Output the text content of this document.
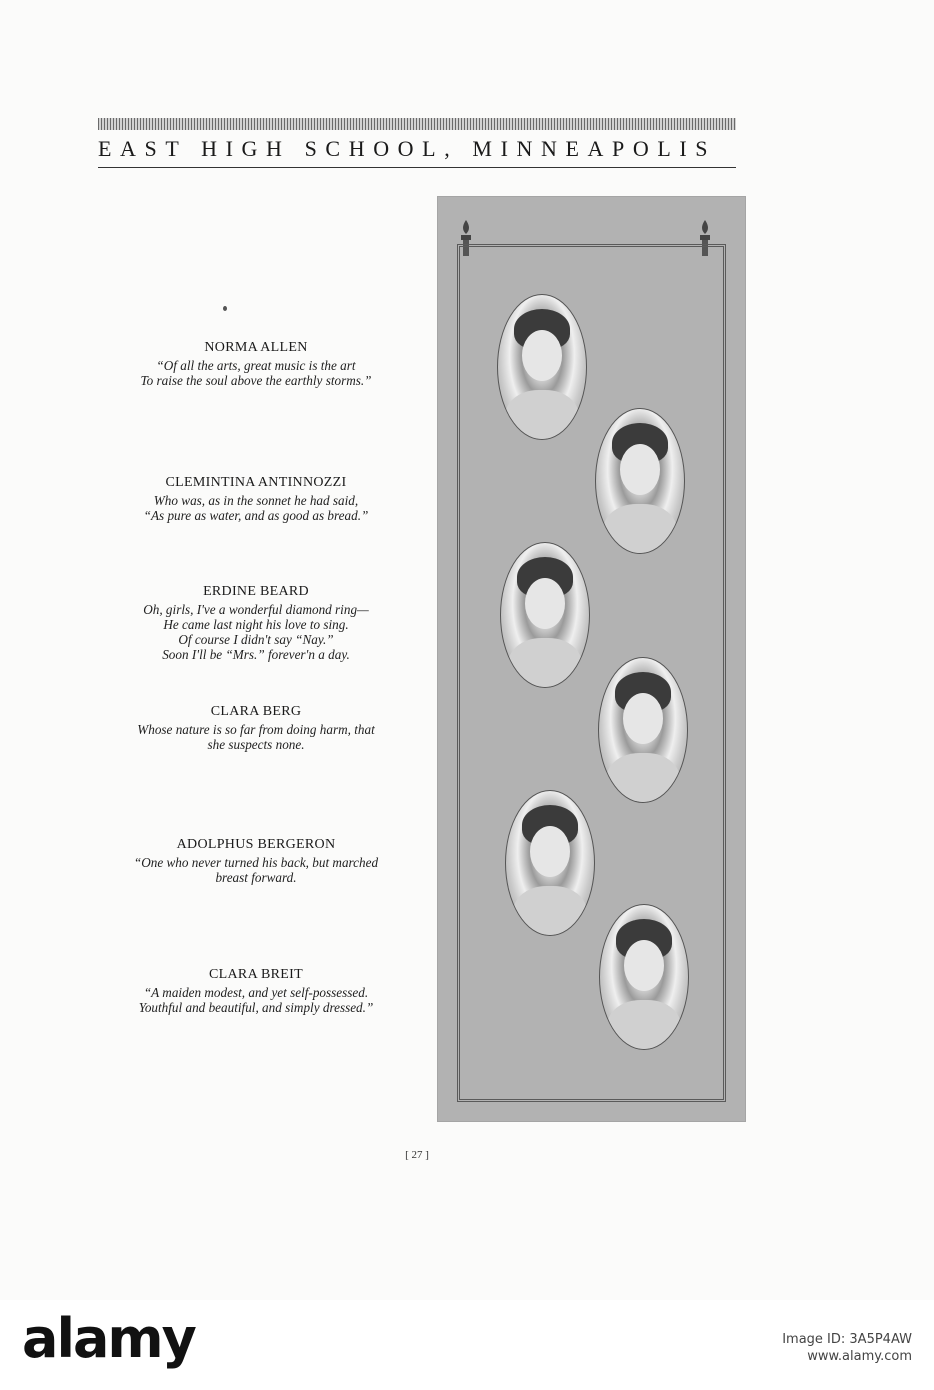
EAST HIGH SCHOOL, MINNEAPOLIS
NORMA ALLEN

“Of all the arts, great music is the art

To raise the soul above the earthly storms.”

CLEMINTINA ANTINNOZZI

Who was, as in the sonnet he had said,

“As pure as water, and as good as bread.”

ERDINE BEARD

Oh, girls, I've a wonderful diamond ring—

He came last night his love to sing.

Of course I didn't say “Nay.”

Soon I'll be “Mrs.” forever'n a day.

CLARA BERG

Whose nature is so far from doing harm, that

she suspects none.

ADOLPHUS BERGERON

“One who never turned his back, but marched

breast forward.

CLARA BREIT

“A maiden modest, and yet self-possessed.

Youthful and beautiful, and simply dressed.”

[ 27 ]
alamy	Image ID: 3A5P4AW
www.alamy.com
